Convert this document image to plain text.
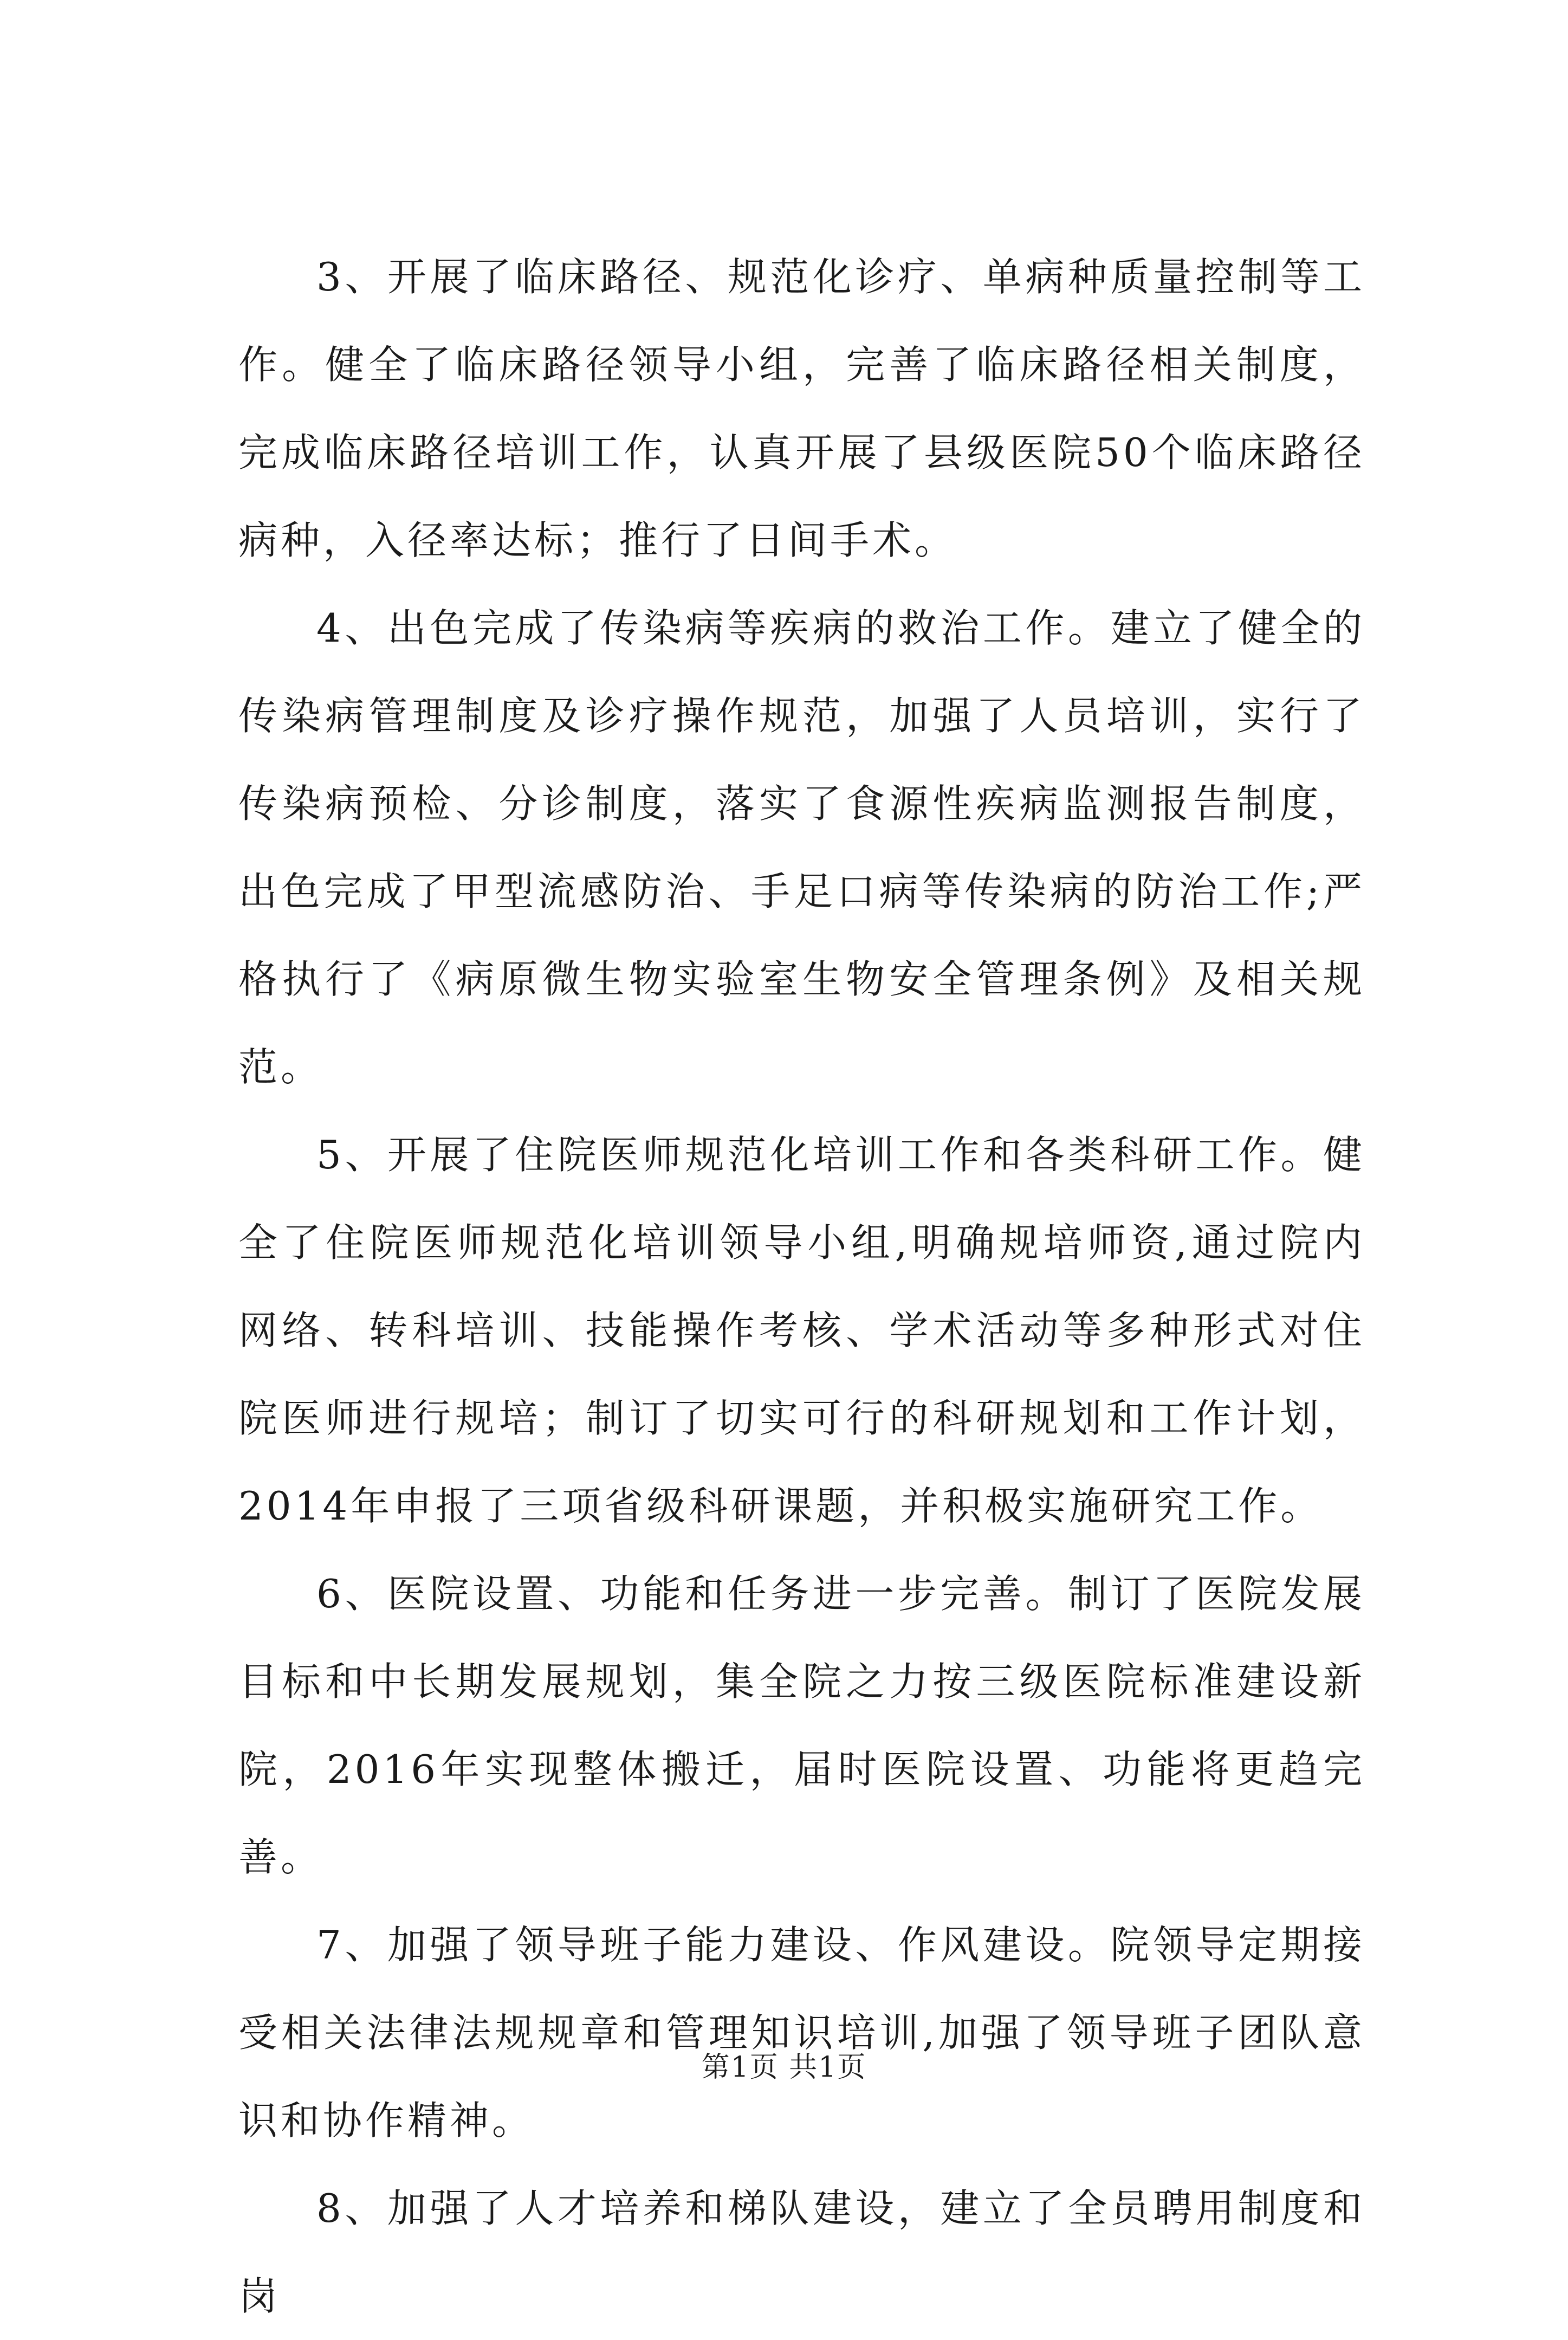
3、开展了临床路径、规范化诊疗、单病种质量控制等工作。健全了临床路径领导小组，完善了临床路径相关制度，完成临床路径培训工作，认真开展了县级医院50个临床路径病种，入径率达标；推行了日间手术。

4、出色完成了传染病等疾病的救治工作。建立了健全的传染病管理制度及诊疗操作规范，加强了人员培训，实行了传染病预检、分诊制度，落实了食源性疾病监测报告制度，出色完成了甲型流感防治、手足口病等传染病的防治工作;严格执行了《病原微生物实验室生物安全管理条例》及相关规范。

5、开展了住院医师规范化培训工作和各类科研工作。健全了住院医师规范化培训领导小组,明确规培师资,通过院内网络、转科培训、技能操作考核、学术活动等多种形式对住院医师进行规培；制订了切实可行的科研规划和工作计划，2014年申报了三项省级科研课题，并积极实施研究工作。

6、医院设置、功能和任务进一步完善。制订了医院发展目标和中长期发展规划，集全院之力按三级医院标准建设新院，2016年实现整体搬迁，届时医院设置、功能将更趋完善。

7、加强了领导班子能力建设、作风建设。院领导定期接受相关法律法规规章和管理知识培训,加强了领导班子团队意识和协作精神。

8、加强了人才培养和梯队建设，建立了全员聘用制度和岗

第1页 共1页
